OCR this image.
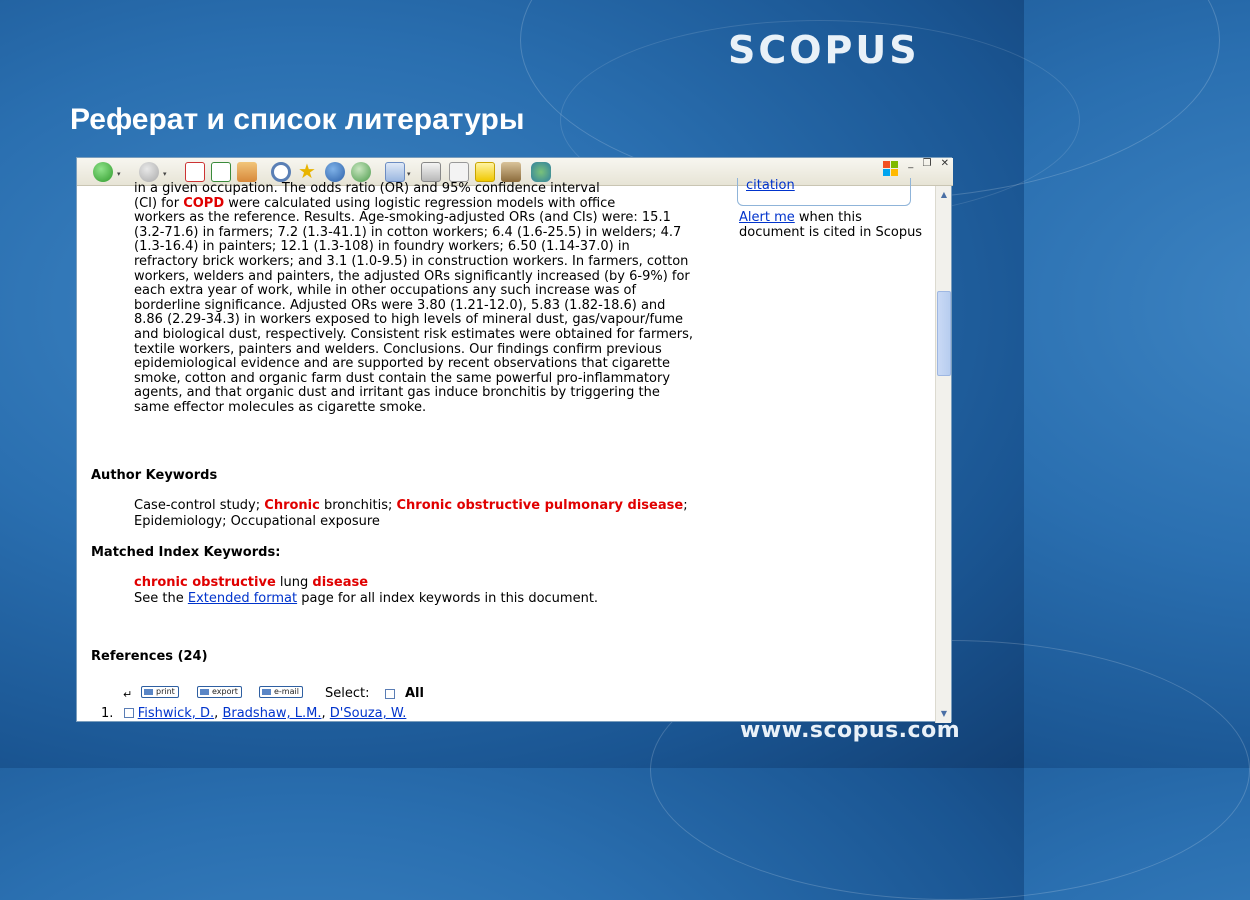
SCOPUS
Реферат и список литературы
▾	▾	★	▾
_ ❐ ✕
in a given occupation. The odds ratio (OR) and 95% confidence interval
(CI) for COPD were calculated using logistic regression models with office
workers as the reference. Results. Age-smoking-adjusted ORs (and CIs) were: 15.1 (3.2-71.6) in farmers; 7.2 (1.3-41.1) in cotton workers; 6.4 (1.6-25.5) in welders; 4.7 (1.3-16.4) in painters; 12.1 (1.3-108) in foundry workers; 6.50 (1.14-37.0) in refractory brick workers; and 3.1 (1.0-9.5) in construction workers. In farmers, cotton workers, welders and painters, the adjusted ORs significantly increased (by 6-9%) for each extra year of work, while in other occupations any such increase was of borderline significance. Adjusted ORs were 3.80 (1.21-12.0), 5.83 (1.82-18.6) and 8.86 (2.29-34.3) in workers exposed to high levels of mineral dust, gas/vapour/fume and biological dust, respectively. Consistent risk estimates were obtained for farmers, textile workers, painters and welders. Conclusions. Our findings confirm previous epidemiological evidence and are supported by recent observations that cigarette smoke, cotton and organic farm dust contain the same powerful pro-inflammatory agents, and that organic dust and irritant gas induce bronchitis by triggering the same effector molecules as cigarette smoke.
Author Keywords
Case-control study; Chronic bronchitis; Chronic obstructive pulmonary disease; Epidemiology; Occupational exposure
Matched Index Keywords:
chronic obstructive lung disease
See the Extended format page for all index keywords in this document.
References (24)
↵	print	export	e-mail	Select:	All
1. Fishwick, D., Bradshaw, L.M., D'Souza, W.
citation
Alert me when this document is cited in Scopus
▲
▼
www.scopus.com
